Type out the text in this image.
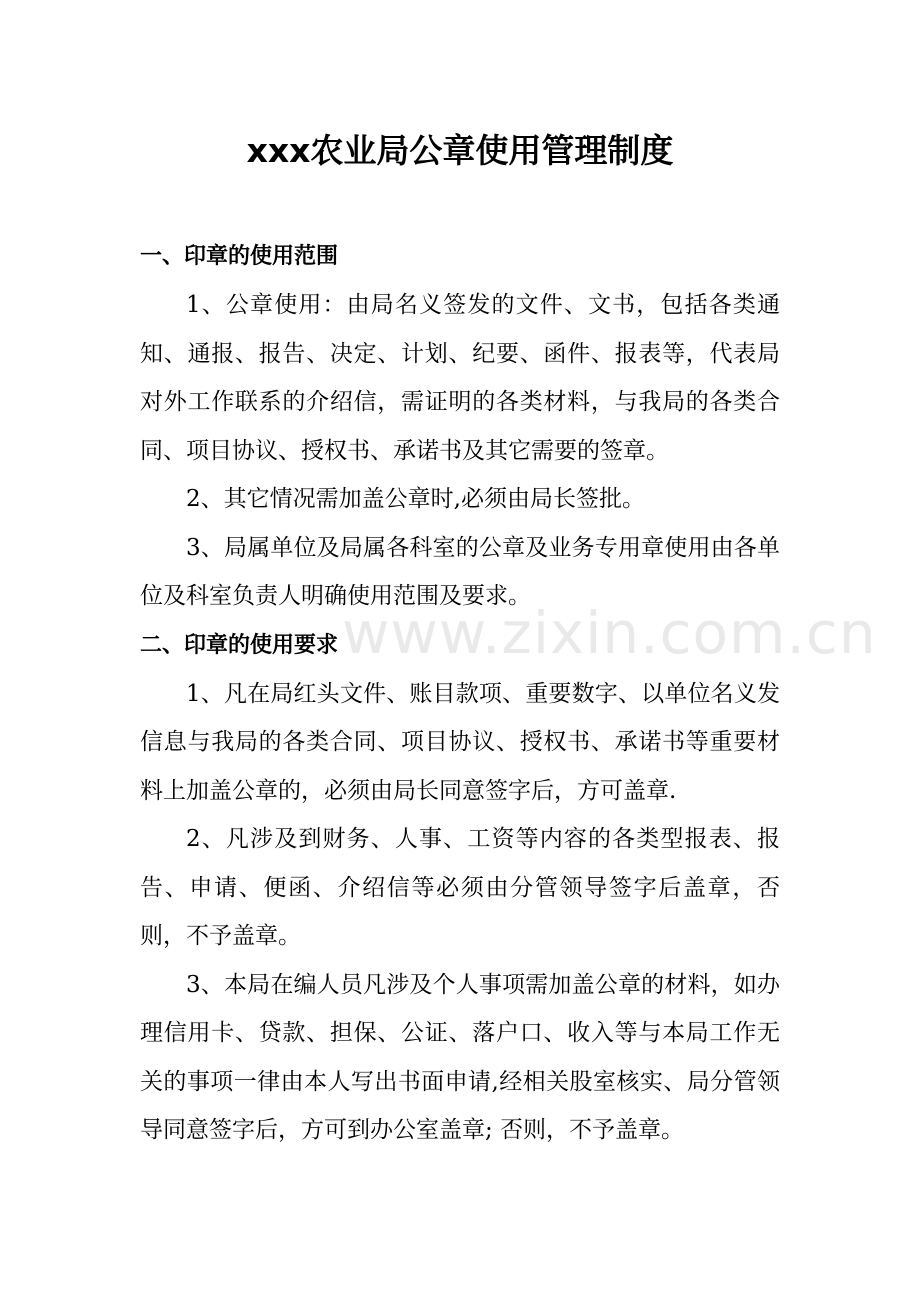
xxx农业局公章使用管理制度
一、印章的使用范围

1、公章使用：由局名义签发的文件、文书，包括各类通知、通报、报告、决定、计划、纪要、函件、报表等，代表局对外工作联系的介绍信，需证明的各类材料，与我局的各类合同、项目协议、授权书、承诺书及其它需要的签章。

2、其它情况需加盖公章时,必须由局长签批。

3、局属单位及局属各科室的公章及业务专用章使用由各单位及科室负责人明确使用范围及要求。

二、印章的使用要求

1、凡在局红头文件、账目款项、重要数字、以单位名义发信息与我局的各类合同、项目协议、授权书、承诺书等重要材料上加盖公章的，必须由局长同意签字后，方可盖章.

2、凡涉及到财务、人事、工资等内容的各类型报表、报告、申请、便函、介绍信等必须由分管领导签字后盖章，否则，不予盖章。

3、本局在编人员凡涉及个人事项需加盖公章的材料，如办理信用卡、贷款、担保、公证、落户口、收入等与本局工作无关的事项一律由本人写出书面申请,经相关股室核实、局分管领导同意签字后，方可到办公室盖章; 否则，不予盖章。

www.zixin.com.cn
